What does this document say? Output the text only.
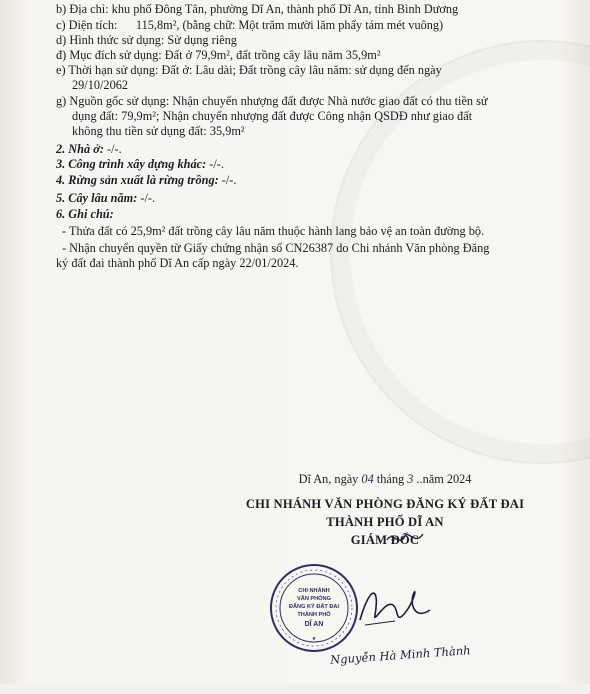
b) Địa chỉ: khu phố Đông Tân, phường Dĩ An, thành phố Dĩ An, tỉnh Bình Dương
c) Diện tích: 115,8m², (bằng chữ: Một trăm mười lăm phẩy tám mét vuông)
d) Hình thức sử dụng: Sử dụng riêng
đ) Mục đích sử dụng: Đất ở 79,9m², đất trồng cây lâu năm 35,9m²
e) Thời hạn sử dụng: Đất ở: Lâu dài; Đất trồng cây lâu năm: sử dụng đến ngày
29/10/2062
g) Nguồn gốc sử dụng: Nhận chuyển nhượng đất được Nhà nước giao đất có thu tiền sử
dụng đất: 79,9m²; Nhận chuyển nhượng đất được Công nhận QSDĐ như giao đất
không thu tiền sử dụng đất: 35,9m²
2. Nhà ở: -/-.
3. Công trình xây dựng khác: -/-.
4. Rừng sản xuất là rừng trồng: -/-.
5. Cây lâu năm: -/-.
6. Ghi chú:
- Thửa đất có 25,9m² đất trồng cây lâu năm thuộc hành lang bảo vệ an toàn đường bộ.
- Nhận chuyển quyền từ Giấy chứng nhận số CN26387 do Chi nhánh Văn phòng Đăng
ký đất đai thành phố Dĩ An cấp ngày 22/01/2024.
Dĩ An, ngày 04 tháng 3 ..năm 2024
CHI NHÁNH VĂN PHÒNG ĐĂNG KÝ ĐẤT ĐAI
THÀNH PHỐ DĨ AN
GIÁM ĐỐC
CHI NHÁNH
VĂN PHÒNG
ĐĂNG KÝ ĐẤT ĐAI
THÀNH PHỐ
DĨ AN
★
Nguyễn Hà Minh Thành
